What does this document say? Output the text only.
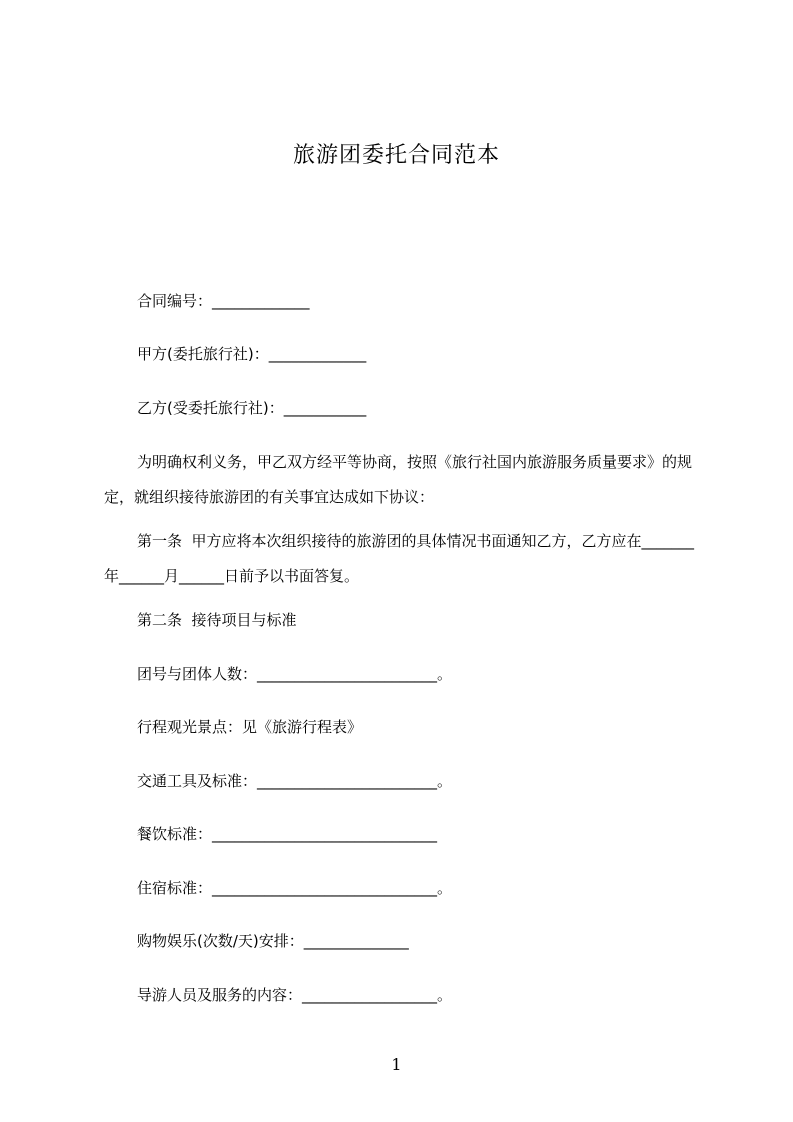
旅游团委托合同范本
合同编号：_____________
甲方(委托旅行社)：_____________
乙方(受委托旅行社)：___________
为明确权利义务，甲乙双方经平等协商，按照《旅行社国内旅游服务质量要求》的规定，就组织接待旅游团的有关事宜达成如下协议：
第一条  甲方应将本次组织接待的旅游团的具体情况书面通知乙方，乙方应在_______年______月______日前予以书面答复。
第二条  接待项目与标准
团号与团体人数：________________________。
行程观光景点：见《旅游行程表》
交通工具及标准：________________________。
餐饮标准：______________________________
住宿标准：______________________________。
购物娱乐(次数/天)安排：______________
导游人员及服务的内容：__________________。
1
